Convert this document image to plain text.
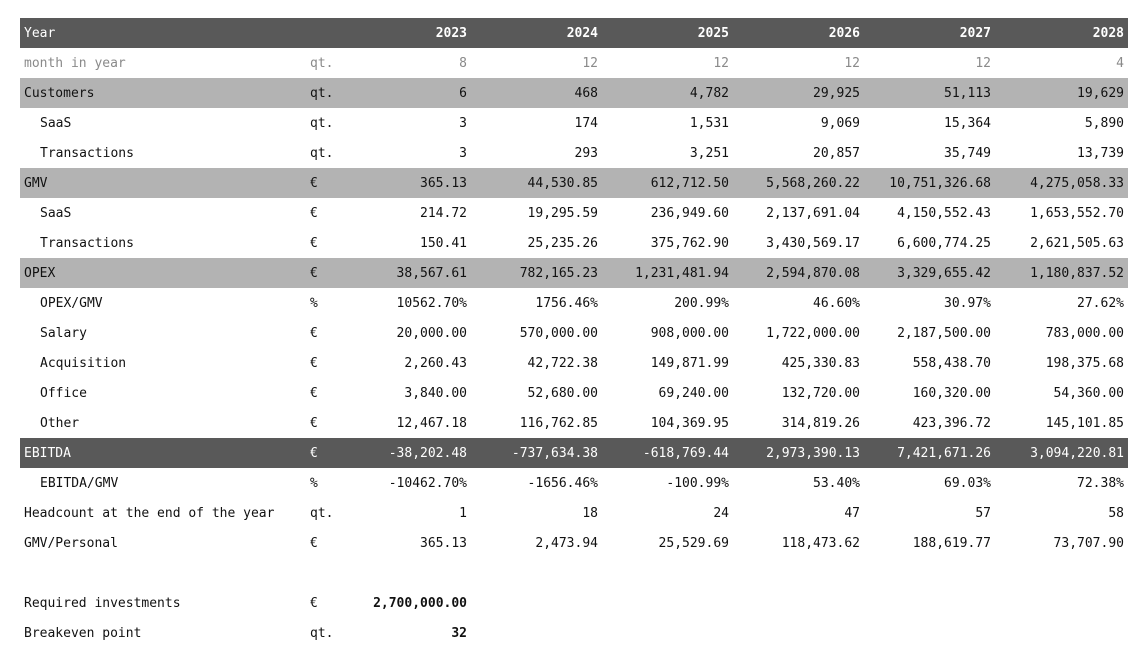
Year		2023	2024	2025	2026	2027	2028
month in year	qt.	8	12	12	12	12	4
Customers	qt.	6	468	4,782	29,925	51,113	19,629
SaaS	qt.	3	174	1,531	9,069	15,364	5,890
Transactions	qt.	3	293	3,251	20,857	35,749	13,739
GMV	€	365.13	44,530.85	612,712.50	5,568,260.22	10,751,326.68	4,275,058.33
SaaS	€	214.72	19,295.59	236,949.60	2,137,691.04	4,150,552.43	1,653,552.70
Transactions	€	150.41	25,235.26	375,762.90	3,430,569.17	6,600,774.25	2,621,505.63
OPEX	€	38,567.61	782,165.23	1,231,481.94	2,594,870.08	3,329,655.42	1,180,837.52
OPEX/GMV	%	10562.70%	1756.46%	200.99%	46.60%	30.97%	27.62%
Salary	€	20,000.00	570,000.00	908,000.00	1,722,000.00	2,187,500.00	783,000.00
Acquisition	€	2,260.43	42,722.38	149,871.99	425,330.83	558,438.70	198,375.68
Office	€	3,840.00	52,680.00	69,240.00	132,720.00	160,320.00	54,360.00
Other	€	12,467.18	116,762.85	104,369.95	314,819.26	423,396.72	145,101.85
EBITDA	€	-38,202.48	-737,634.38	-618,769.44	2,973,390.13	7,421,671.26	3,094,220.81
EBITDA/GMV	%	-10462.70%	-1656.46%	-100.99%	53.40%	69.03%	72.38%
Headcount at the end of the year	qt.	1	18	24	47	57	58
GMV/Personal	€	365.13	2,473.94	25,529.69	118,473.62	188,619.77	73,707.90

Required investments	€	2,700,000.00					
Breakeven point	qt.	32					
